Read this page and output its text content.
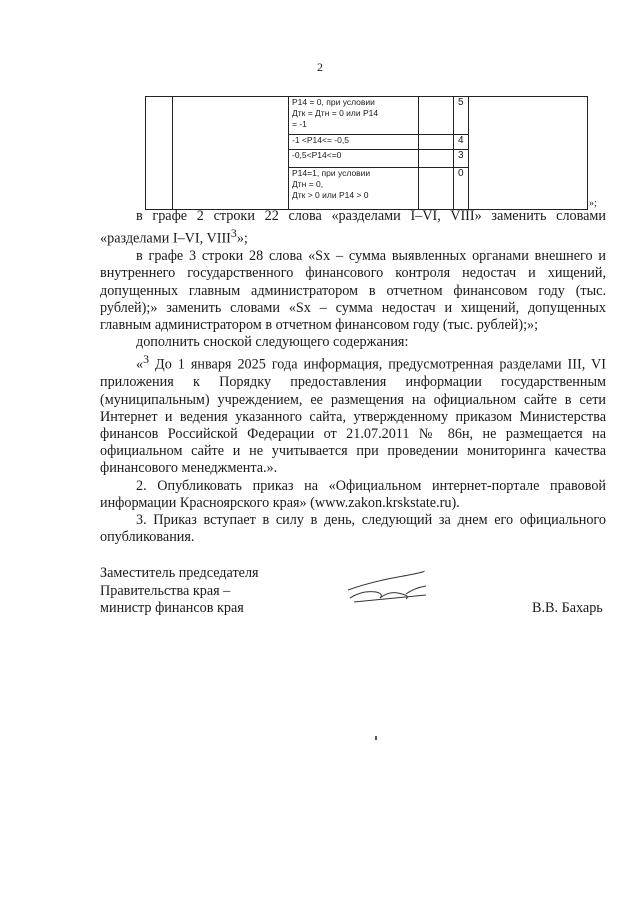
2

		Р14 = 0, при условии
Дтк = Дтн = 0 или Р14
= -1		5	

		-1 <Р14<= -0,5		4	

		-0,5<Р14<=0		3	

		Р14=1, при условии
Дтн = 0,
Дтк > 0 или Р14 > 0		0	
»;

в графе 2 строки 22 слова «разделами I–VI, VIII» заменить словами «разделами I–VI, VIII$^3$»;

в графе 3 строки 28 слова «Sх – сумма выявленных органами внешнего и внутреннего государственного финансового контроля недостач и хищений, допущенных главным администратором в отчетном финансовом году (тыс. рублей);» заменить словами «Sх – сумма недостач и хищений, допущенных главным администратором в отчетном финансовом году (тыс. рублей);»;

дополнить сноской следующего содержания:

«$^3$ До 1 января 2025 года информация, предусмотренная разделами III, VI приложения к Порядку предоставления информации государственным (муниципальным) учреждением, ее размещения на официальном сайте в сети Интернет и ведения указанного сайта, утвержденному приказом Министерства финансов Российской Федерации от 21.07.2011 № 86н, не размещается на официальном сайте и не учитывается при проведении мониторинга качества финансового менеджмента.».

2. Опубликовать приказ на «Официальном интернет-портале правовой информации Красноярского края» (www.zakon.krskstate.ru).

3. Приказ вступает в силу в день, следующий за днем его официального опубликования.

Заместитель председателя
Правительства края –
министр финансов края	В.В. Бахарь
